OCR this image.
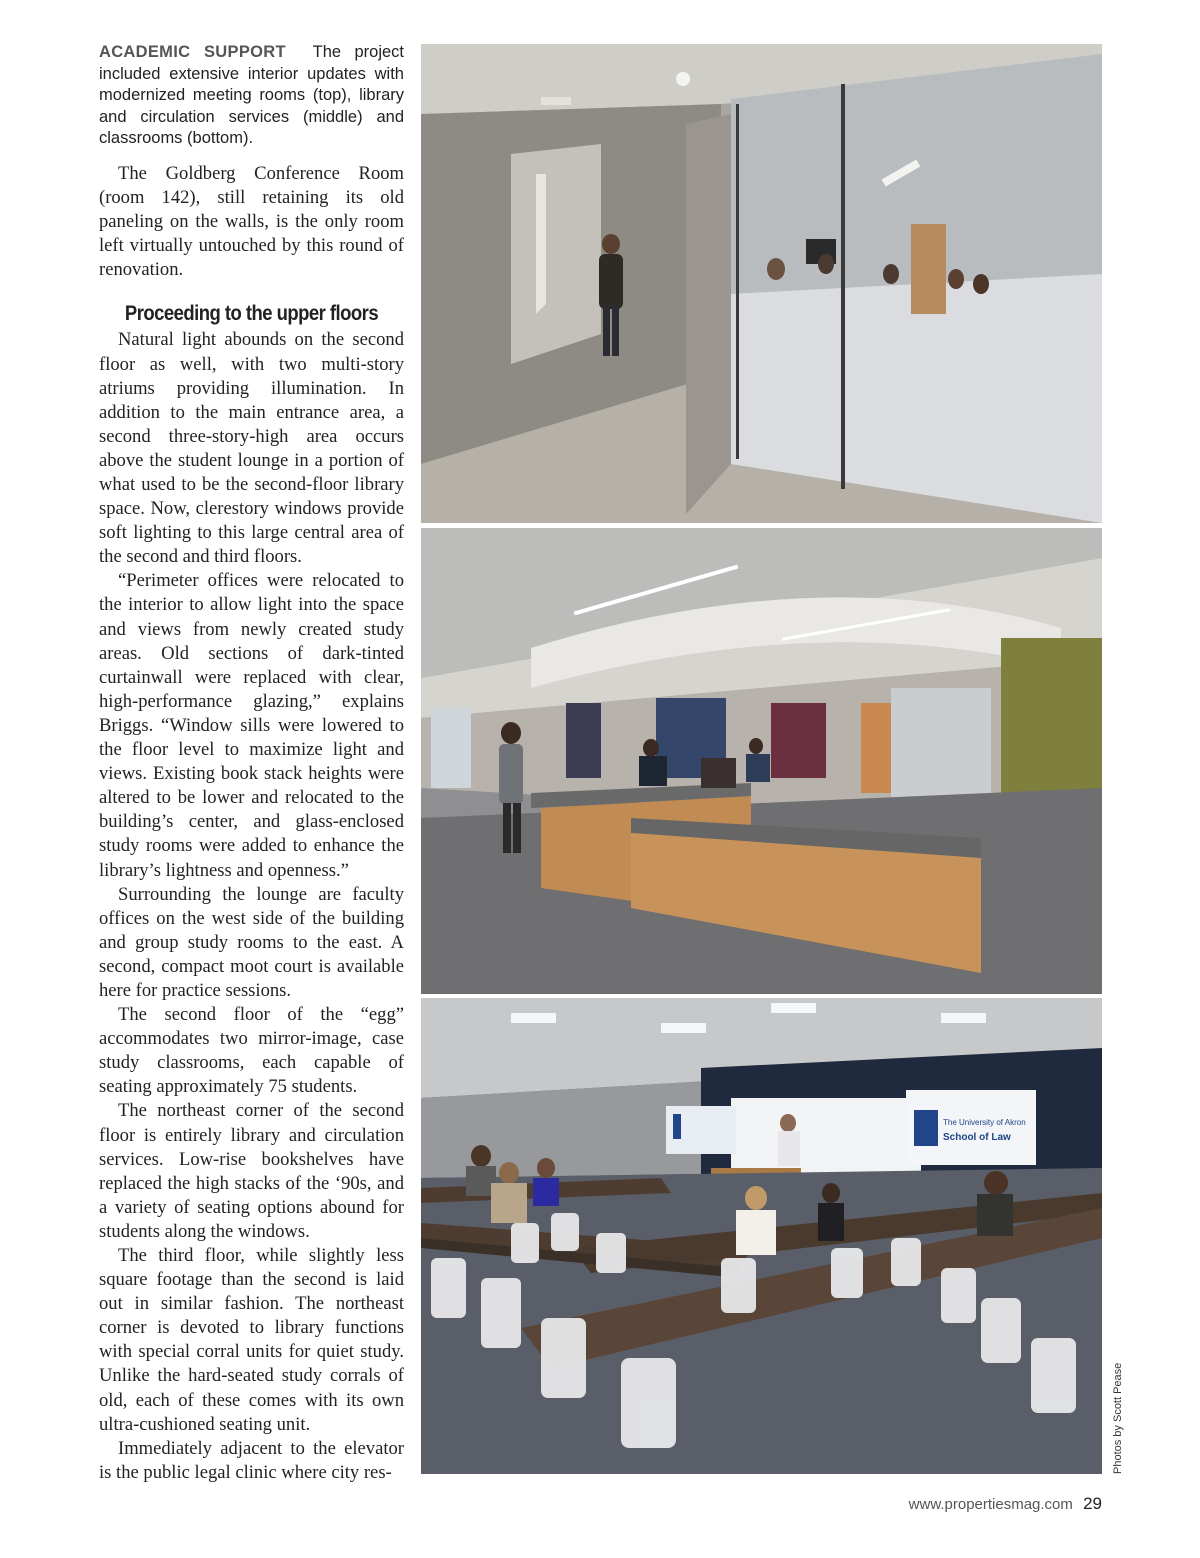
ACADEMIC SUPPORT The project included extensive interior updates with modernized meeting rooms (top), library and circulation services (middle) and classrooms (bottom).

The Goldberg Conference Room (room 142), still retaining its old paneling on the walls, is the only room left virtually untouched by this round of renovation.

Proceeding to the upper floors

Natural light abounds on the second floor as well, with two multi-story atriums providing illumination. In addition to the main entrance area, a second three-story-high area occurs above the student lounge in a portion of what used to be the second-floor library space. Now, clerestory windows provide soft lighting to this large central area of the second and third floors.

“Perimeter offices were relocated to the interior to allow light into the space and views from newly created study areas. Old sections of dark-tinted curtainwall were replaced with clear, high-performance glazing,” explains Briggs. “Window sills were lowered to the floor level to maximize light and views. Existing book stack heights were altered to be lower and relocated to the building’s center, and glass-enclosed study rooms were added to enhance the library’s lightness and openness.”

Surrounding the lounge are faculty offices on the west side of the building and group study rooms to the east. A second, compact moot court is available here for practice sessions.

The second floor of the “egg” accommodates two mirror-image, case study classrooms, each capable of seating approximately 75 students.

The northeast corner of the second floor is entirely library and circulation services. Low-rise bookshelves have replaced the high stacks of the ‘90s, and a variety of seating options abound for students along the windows.

The third floor, while slightly less square footage than the second is laid out in similar fashion. The northeast corner is devoted to library functions with special corral units for quiet study. Unlike the hard-seated study corrals of old, each of these comes with its own ultra-cushioned seating unit.

Immediately adjacent to the elevator is the public legal clinic where city res-

The University of Akron
School of Law
Photos by Scott Pease
www.propertiesmag.com 29
